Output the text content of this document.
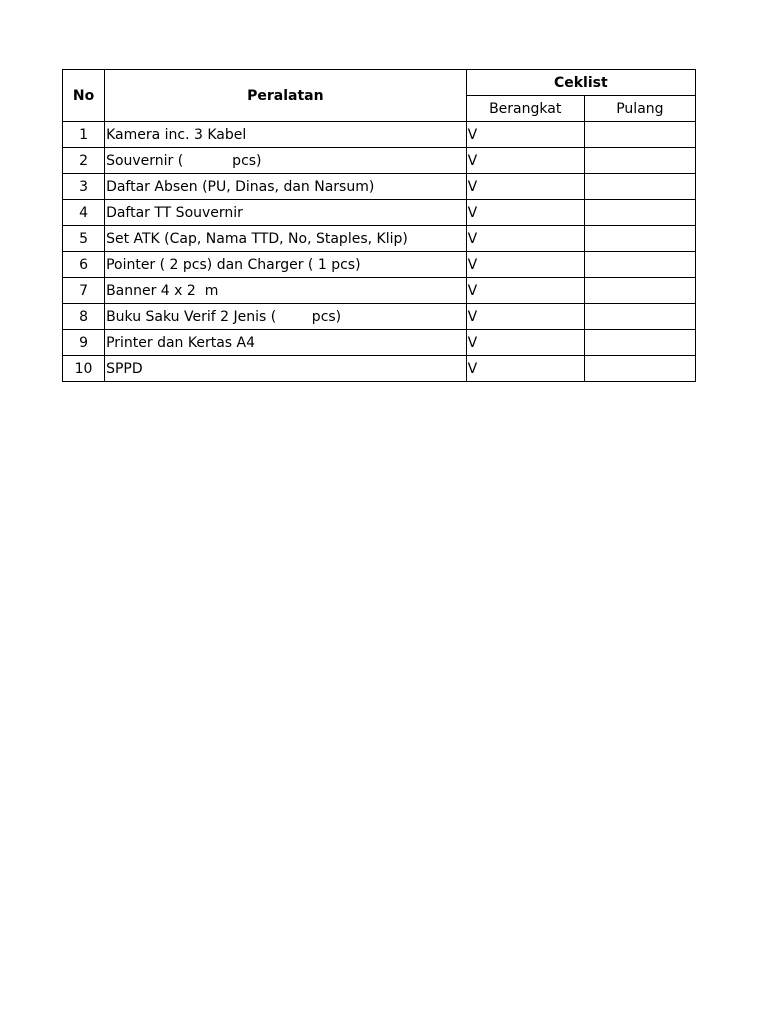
No	Peralatan	Ceklist	
		Berangkat	Pulang
1	Kamera inc. 3 Kabel	V	
2	Souvernir (           pcs)	V	
3	Daftar Absen (PU, Dinas, dan Narsum)	V	
4	Daftar TT Souvernir	V	
5	Set ATK (Cap, Nama TTD, No, Staples, Klip)	V	
6	Pointer ( 2 pcs) dan Charger ( 1 pcs)	V	
7	Banner 4 x 2  m	V	
8	Buku Saku Verif 2 Jenis (        pcs)	V	
9	Printer dan Kertas A4	V	
10	SPPD	V	
